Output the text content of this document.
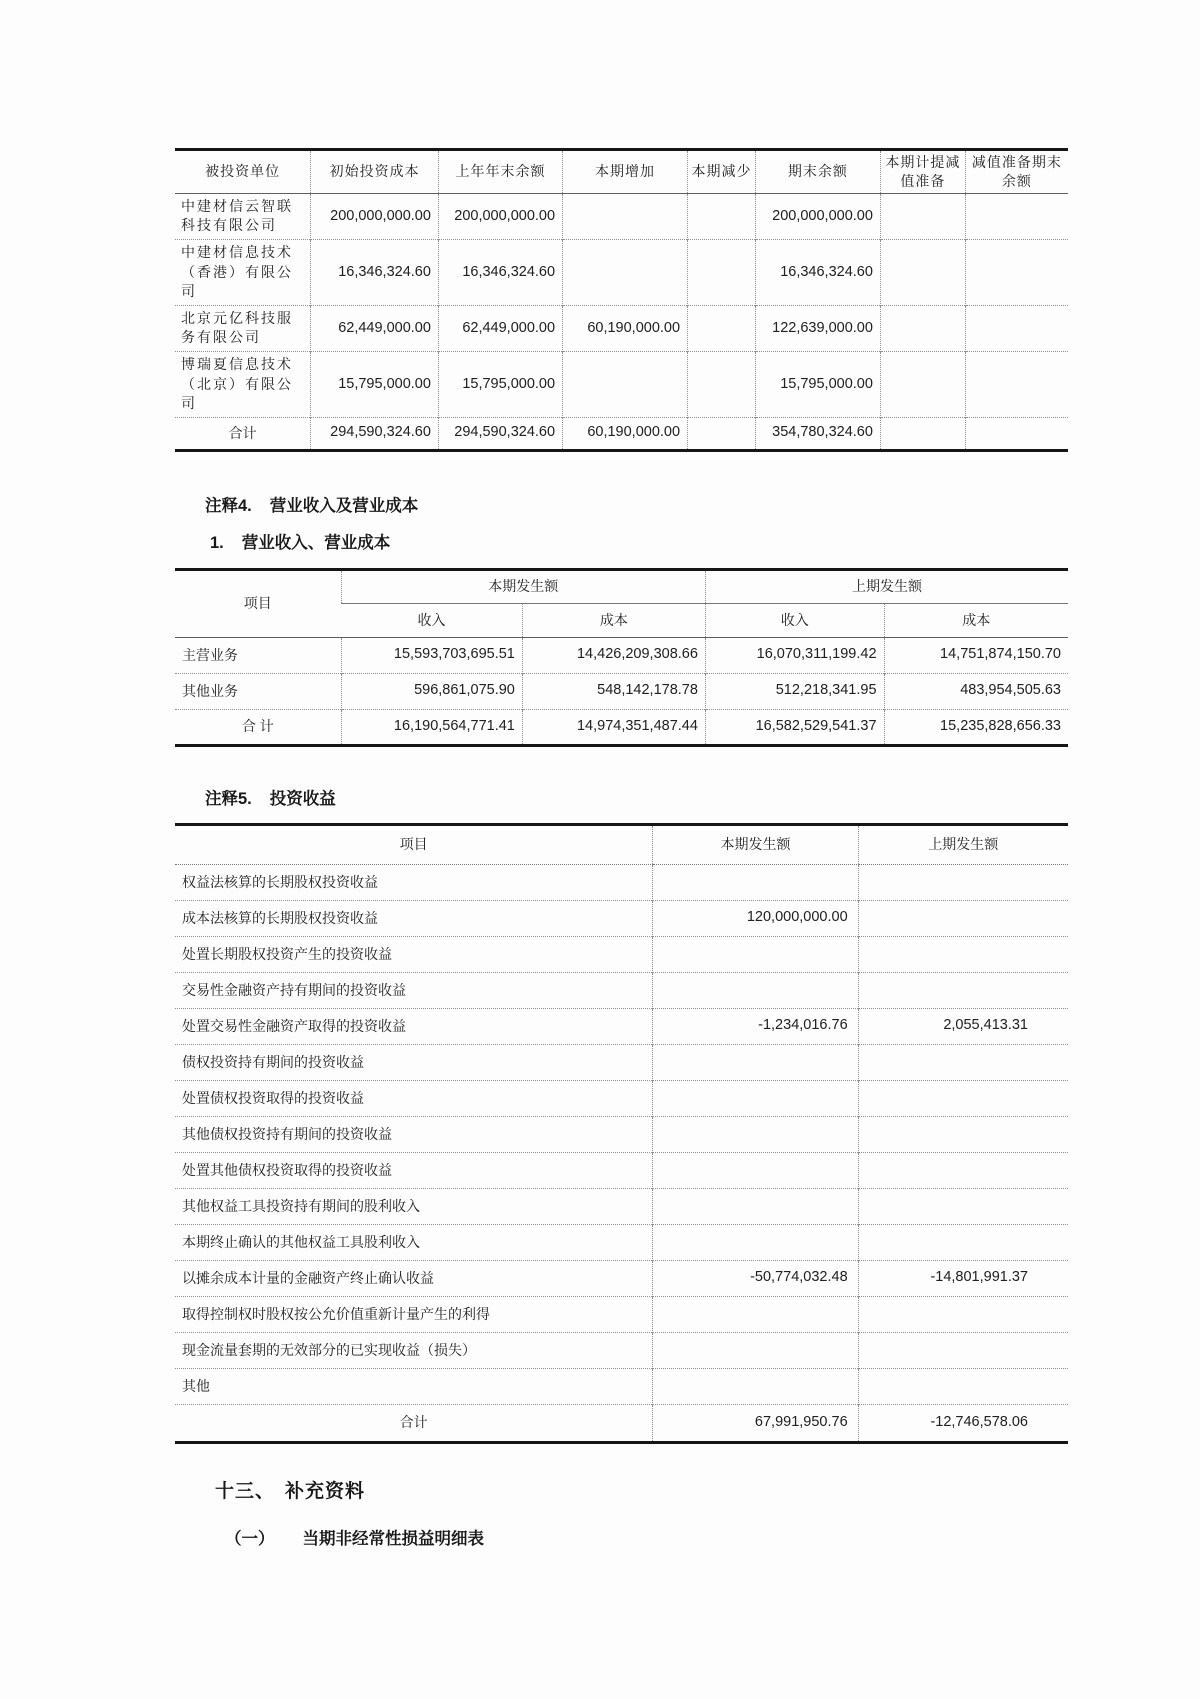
被投资单位	初始投资成本	上年年末余额	本期增加	本期减少	期末余额	本期计提减值准备	减值准备期末余额
中建材信云智联科技有限公司	200,000,000.00	200,000,000.00			200,000,000.00		
中建材信息技术（香港）有限公司	16,346,324.60	16,346,324.60			16,346,324.60		
北京元亿科技服务有限公司	62,449,000.00	62,449,000.00	60,190,000.00		122,639,000.00		
博瑞夏信息技术（北京）有限公司	15,795,000.00	15,795,000.00			15,795,000.00		
合计	294,590,324.60	294,590,324.60	60,190,000.00		354,780,324.60		
注释4. 营业收入及营业成本
1. 营业收入、营业成本
项目	本期发生额		上期发生额	
	收入	成本	收入	成本
主营业务	15,593,703,695.51	14,426,209,308.66	16,070,311,199.42	14,751,874,150.70
其他业务	596,861,075.90	548,142,178.78	512,218,341.95	483,954,505.63
合 计	16,190,564,771.41	14,974,351,487.44	16,582,529,541.37	15,235,828,656.33
注释5. 投资收益
项目	本期发生额	上期发生额
权益法核算的长期股权投资收益		
成本法核算的长期股权投资收益	120,000,000.00	
处置长期股权投资产生的投资收益		
交易性金融资产持有期间的投资收益		
处置交易性金融资产取得的投资收益	-1,234,016.76	2,055,413.31
债权投资持有期间的投资收益		
处置债权投资取得的投资收益		
其他债权投资持有期间的投资收益		
处置其他债权投资取得的投资收益		
其他权益工具投资持有期间的股利收入		
本期终止确认的其他权益工具股利收入		
以摊余成本计量的金融资产终止确认收益	-50,774,032.48	-14,801,991.37
取得控制权时股权按公允价值重新计量产生的利得		
现金流量套期的无效部分的已实现收益（损失）		
其他		
合计	67,991,950.76	-12,746,578.06
十三、 补充资料
（一） 当期非经常性损益明细表
